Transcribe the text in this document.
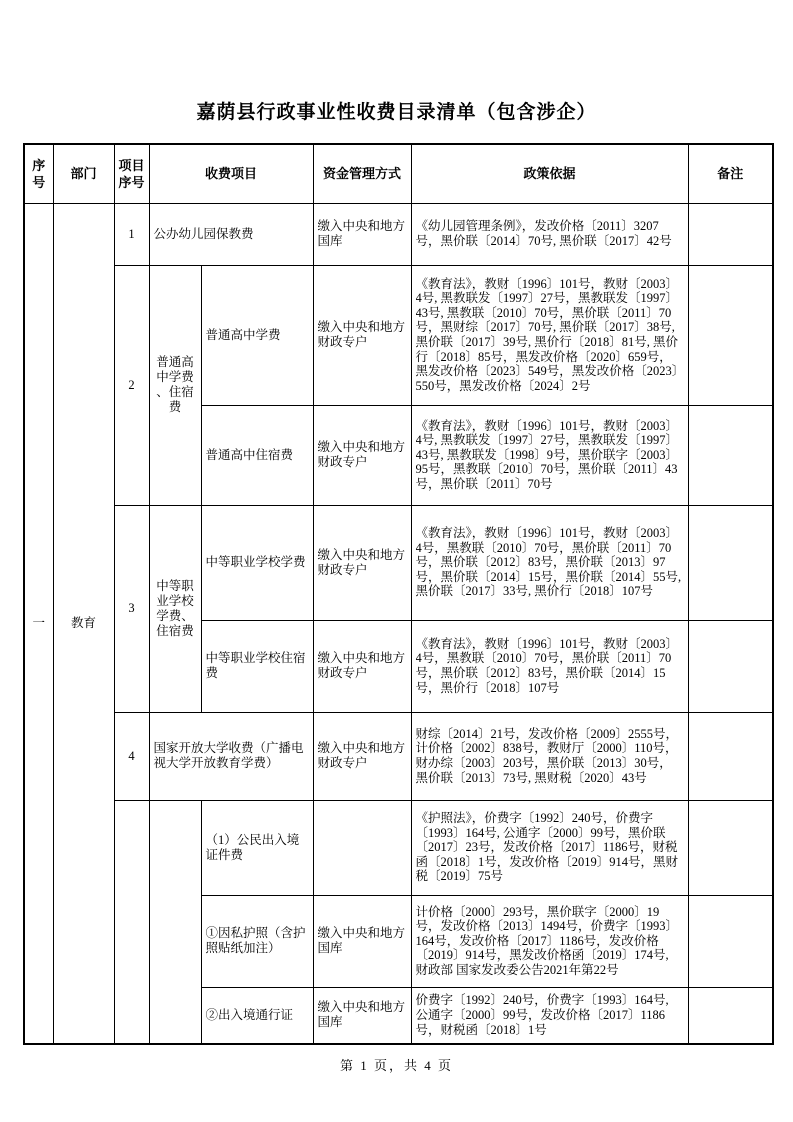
嘉荫县行政事业性收费目录清单（包含涉企）
序号	部门	项目序号	收费项目		资金管理方式	政策依据	备注
一	教育	1	公办幼儿园保教费		缴入中央和地方国库	《幼儿园管理条例》，发改价格〔2011〕3207号，黑价联〔2014〕70号, 黑价联〔2017〕42号	

		2	普通高中学费、住宿费	普通高中学费	缴入中央和地方财政专户	《教育法》，教财〔1996〕101号，教财〔2003〕4号, 黑教联发〔1997〕27号，黑教联发〔1997〕43号, 黑教联〔2010〕70号，黑价联〔2011〕70号，黑财综〔2017〕70号, 黑价联〔2017〕38号, 黑价联〔2017〕39号, 黑价行〔2018〕81号, 黑价行〔2018〕85号，黑发改价格〔2020〕659号，黑发改价格〔2023〕549号，黑发改价格〔2023〕550号，黑发改价格〔2024〕2号	

				普通高中住宿费	缴入中央和地方财政专户	《教育法》，教财〔1996〕101号，教财〔2003〕4号, 黑教联发〔1997〕27号，黑教联发〔1997〕43号, 黑教联发〔1998〕9号，黑价联字〔2003〕95号，黑教联〔2010〕70号，黑价联〔2011〕43号，黑价联〔2011〕70号	

		3	中等职业学校学费、住宿费	中等职业学校学费	缴入中央和地方财政专户	《教育法》，教财〔1996〕101号，教财〔2003〕4号，黑教联〔2010〕70号，黑价联〔2011〕70号，黑价联〔2012〕83号，黑价联〔2013〕97号，黑价联〔2014〕15号，黑价联〔2014〕55号, 黑价联〔2017〕33号, 黑价行〔2018〕107号	

				中等职业学校住宿费	缴入中央和地方财政专户	《教育法》，教财〔1996〕101号，教财〔2003〕4号，黑教联〔2010〕70号，黑价联〔2011〕70号，黑价联〔2012〕83号，黑价联〔2014〕15号，黑价行〔2018〕107号	

		4	国家开放大学收费（广播电视大学开放教育学费）		缴入中央和地方财政专户	财综〔2014〕21号，发改价格〔2009〕2555号，计价格〔2002〕838号，教财厅〔2000〕110号，财办综〔2003〕203号，黑价联〔2013〕30号，　黑价联〔2013〕73号, 黑财税〔2020〕43号	

				（1）公民出入境证件费		《护照法》，价费字〔1992〕240号，价费字〔1993〕164号, 公通字〔2000〕99号，黑价联〔2017〕23号，发改价格〔2017〕1186号，财税函〔2018〕1号，发改价格〔2019〕914号，黑财税〔2019〕75号	

				①因私护照（含护照贴纸加注）	缴入中央和地方国库	计价格〔2000〕293号，黑价联字〔2000〕19号，发改价格〔2013〕1494号，价费字〔1993〕164号，发改价格〔2017〕1186号，发改价格〔2019〕914号，黑发改价格函〔2019〕174号, 财政部 国家发改委公告2021年第22号	

				②出入境通行证	缴入中央和地方国库	价费字〔1992〕240号，价费字〔1993〕164号, 公通字〔2000〕99号，发改价格〔2017〕1186号，财税函〔2018〕1号	

第 1 页，共 4 页
